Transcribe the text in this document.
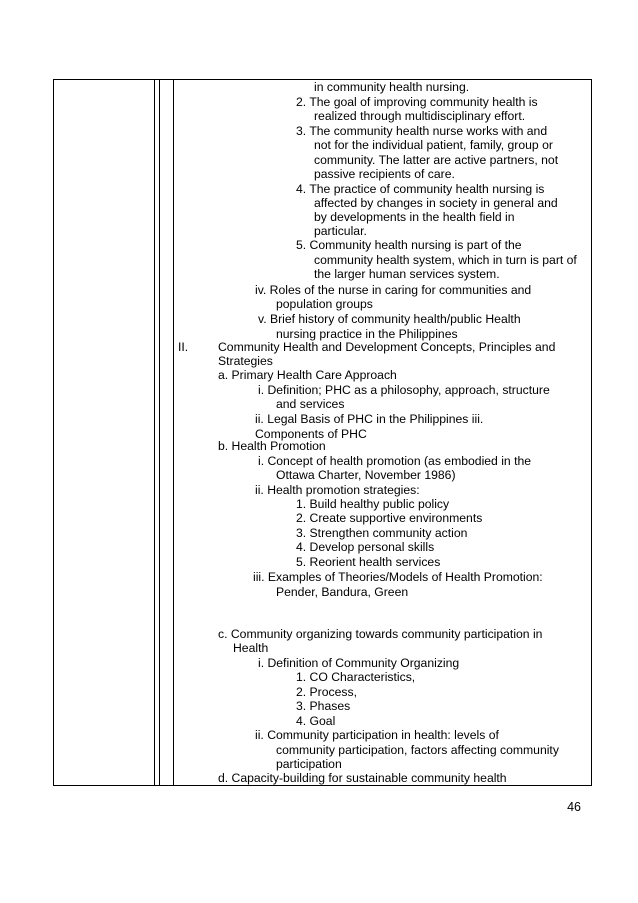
in community health nursing.
2. The goal of improving community health is
realized through multidisciplinary effort.
3. The community health nurse works with and
not for the individual patient, family, group or
community. The latter are active partners, not
passive recipients of care.
4. The practice of community health nursing is
affected by changes in society in general and
by developments in the health field in
particular.
5. Community health nursing is part of the
community health system, which in turn is part of
the larger human services system.
iv. Roles of the nurse in caring for communities and
population groups
v. Brief history of community health/public Health
nursing practice in the Philippines
II. Community Health and Development Concepts, Principles and
Strategies
a. Primary Health Care Approach
i. Definition; PHC as a philosophy, approach, structure
and services
ii. Legal Basis of PHC in the Philippines iii.
Components of PHC
b. Health Promotion
i. Concept of health promotion (as embodied in the
Ottawa Charter, November 1986)
ii. Health promotion strategies:
1. Build healthy public policy
2. Create supportive environments
3. Strengthen community action
4. Develop personal skills
5. Reorient health services
iii. Examples of Theories/Models of Health Promotion:
Pender, Bandura, Green
c. Community organizing towards community participation in
Health
i. Definition of Community Organizing
1. CO Characteristics,
2. Process,
3. Phases
4. Goal
ii. Community participation in health: levels of
community participation, factors affecting community
participation
d. Capacity-building for sustainable community health
46
